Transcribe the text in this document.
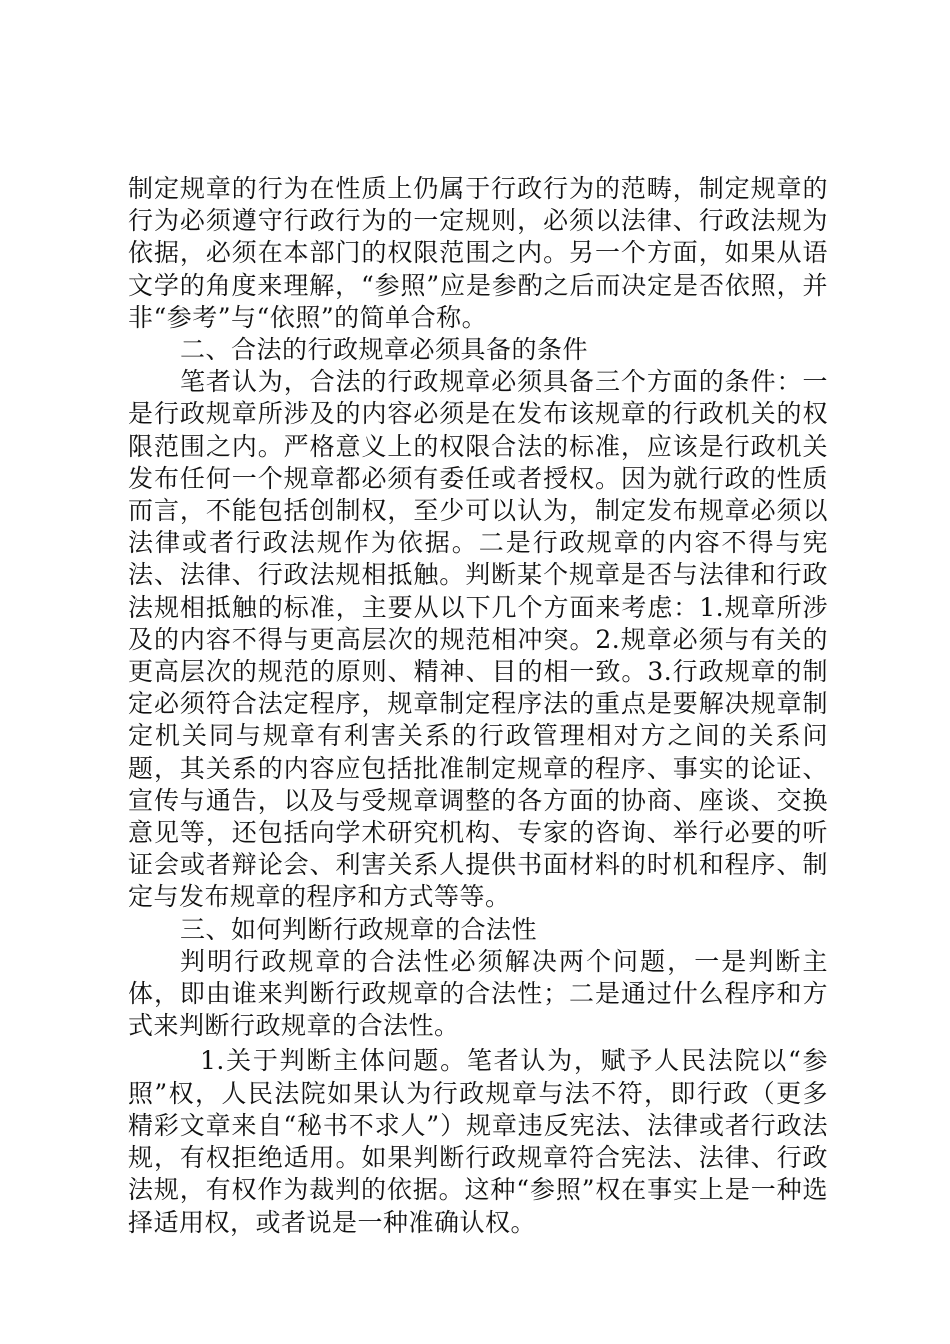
制定规章的行为在性质上仍属于行政行为的范畴，制定规章的行为必须遵守行政行为的一定规则，必须以法律、行政法规为依据，必须在本部门的权限范围之内。另一个方面，如果从语文学的角度来理解，“参照”应是参酌之后而决定是否依照，并非“参考”与“依照”的简单合称。

二、合法的行政规章必须具备的条件

笔者认为，合法的行政规章必须具备三个方面的条件：一是行政规章所涉及的内容必须是在发布该规章的行政机关的权限范围之内。严格意义上的权限合法的标准，应该是行政机关发布任何一个规章都必须有委任或者授权。因为就行政的性质而言，不能包括创制权，至少可以认为，制定发布规章必须以法律或者行政法规作为依据。二是行政规章的内容不得与宪法、法律、行政法规相抵触。判断某个规章是否与法律和行政法规相抵触的标准，主要从以下几个方面来考虑：1.规章所涉及的内容不得与更高层次的规范相冲突。2.规章必须与有关的更高层次的规范的原则、精神、目的相一致。3.行政规章的制定必须符合法定程序，规章制定程序法的重点是要解决规章制定机关同与规章有利害关系的行政管理相对方之间的关系问题，其关系的内容应包括批准制定规章的程序、事实的论证、宣传与通告，以及与受规章调整的各方面的协商、座谈、交换意见等，还包括向学术研究机构、专家的咨询、举行必要的听证会或者辩论会、利害关系人提供书面材料的时机和程序、制定与发布规章的程序和方式等等。

三、如何判断行政规章的合法性

判明行政规章的合法性必须解决两个问题，一是判断主体，即由谁来判断行政规章的合法性；二是通过什么程序和方式来判断行政规章的合法性。

1.关于判断主体问题。笔者认为，赋予人民法院以“参照”权，人民法院如果认为行政规章与法不符，即行政（更多精彩文章来自“秘书不求人”）规章违反宪法、法律或者行政法规，有权拒绝适用。如果判断行政规章符合宪法、法律、行政法规，有权作为裁判的依据。这种“参照”权在事实上是一种选择适用权，或者说是一种准确认权。
